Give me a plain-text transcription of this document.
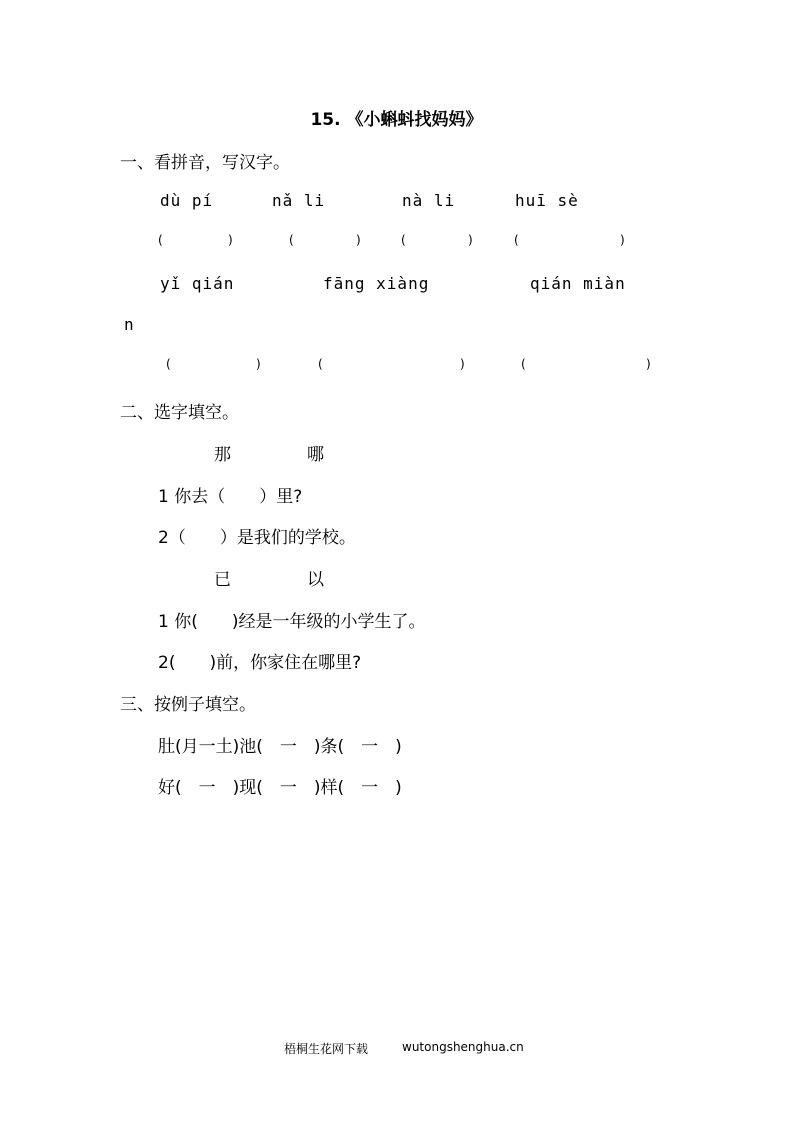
15. 《小蝌蚪找妈妈》
一、看拼音，写汉字。
dù pí	nǎ li	nà li	huī sè
(	)	(	)	(	)	(	)
yǐ qián	fāng xiàng	qián miàn
n
(	)	(	)	(	)
二、选字填空。
那	哪
1 你去（　　）里?
2（　　）是我们的学校。
已	以
1 你(　　)经是一年级的小学生了。
2(　　)前，你家住在哪里?
三、按例子填空。
肚(月一土)池(　一　)条(　一　)
好(　一　)现(　一　)样(　一　)
梧桐生花网下载	wutongshenghua.cn
